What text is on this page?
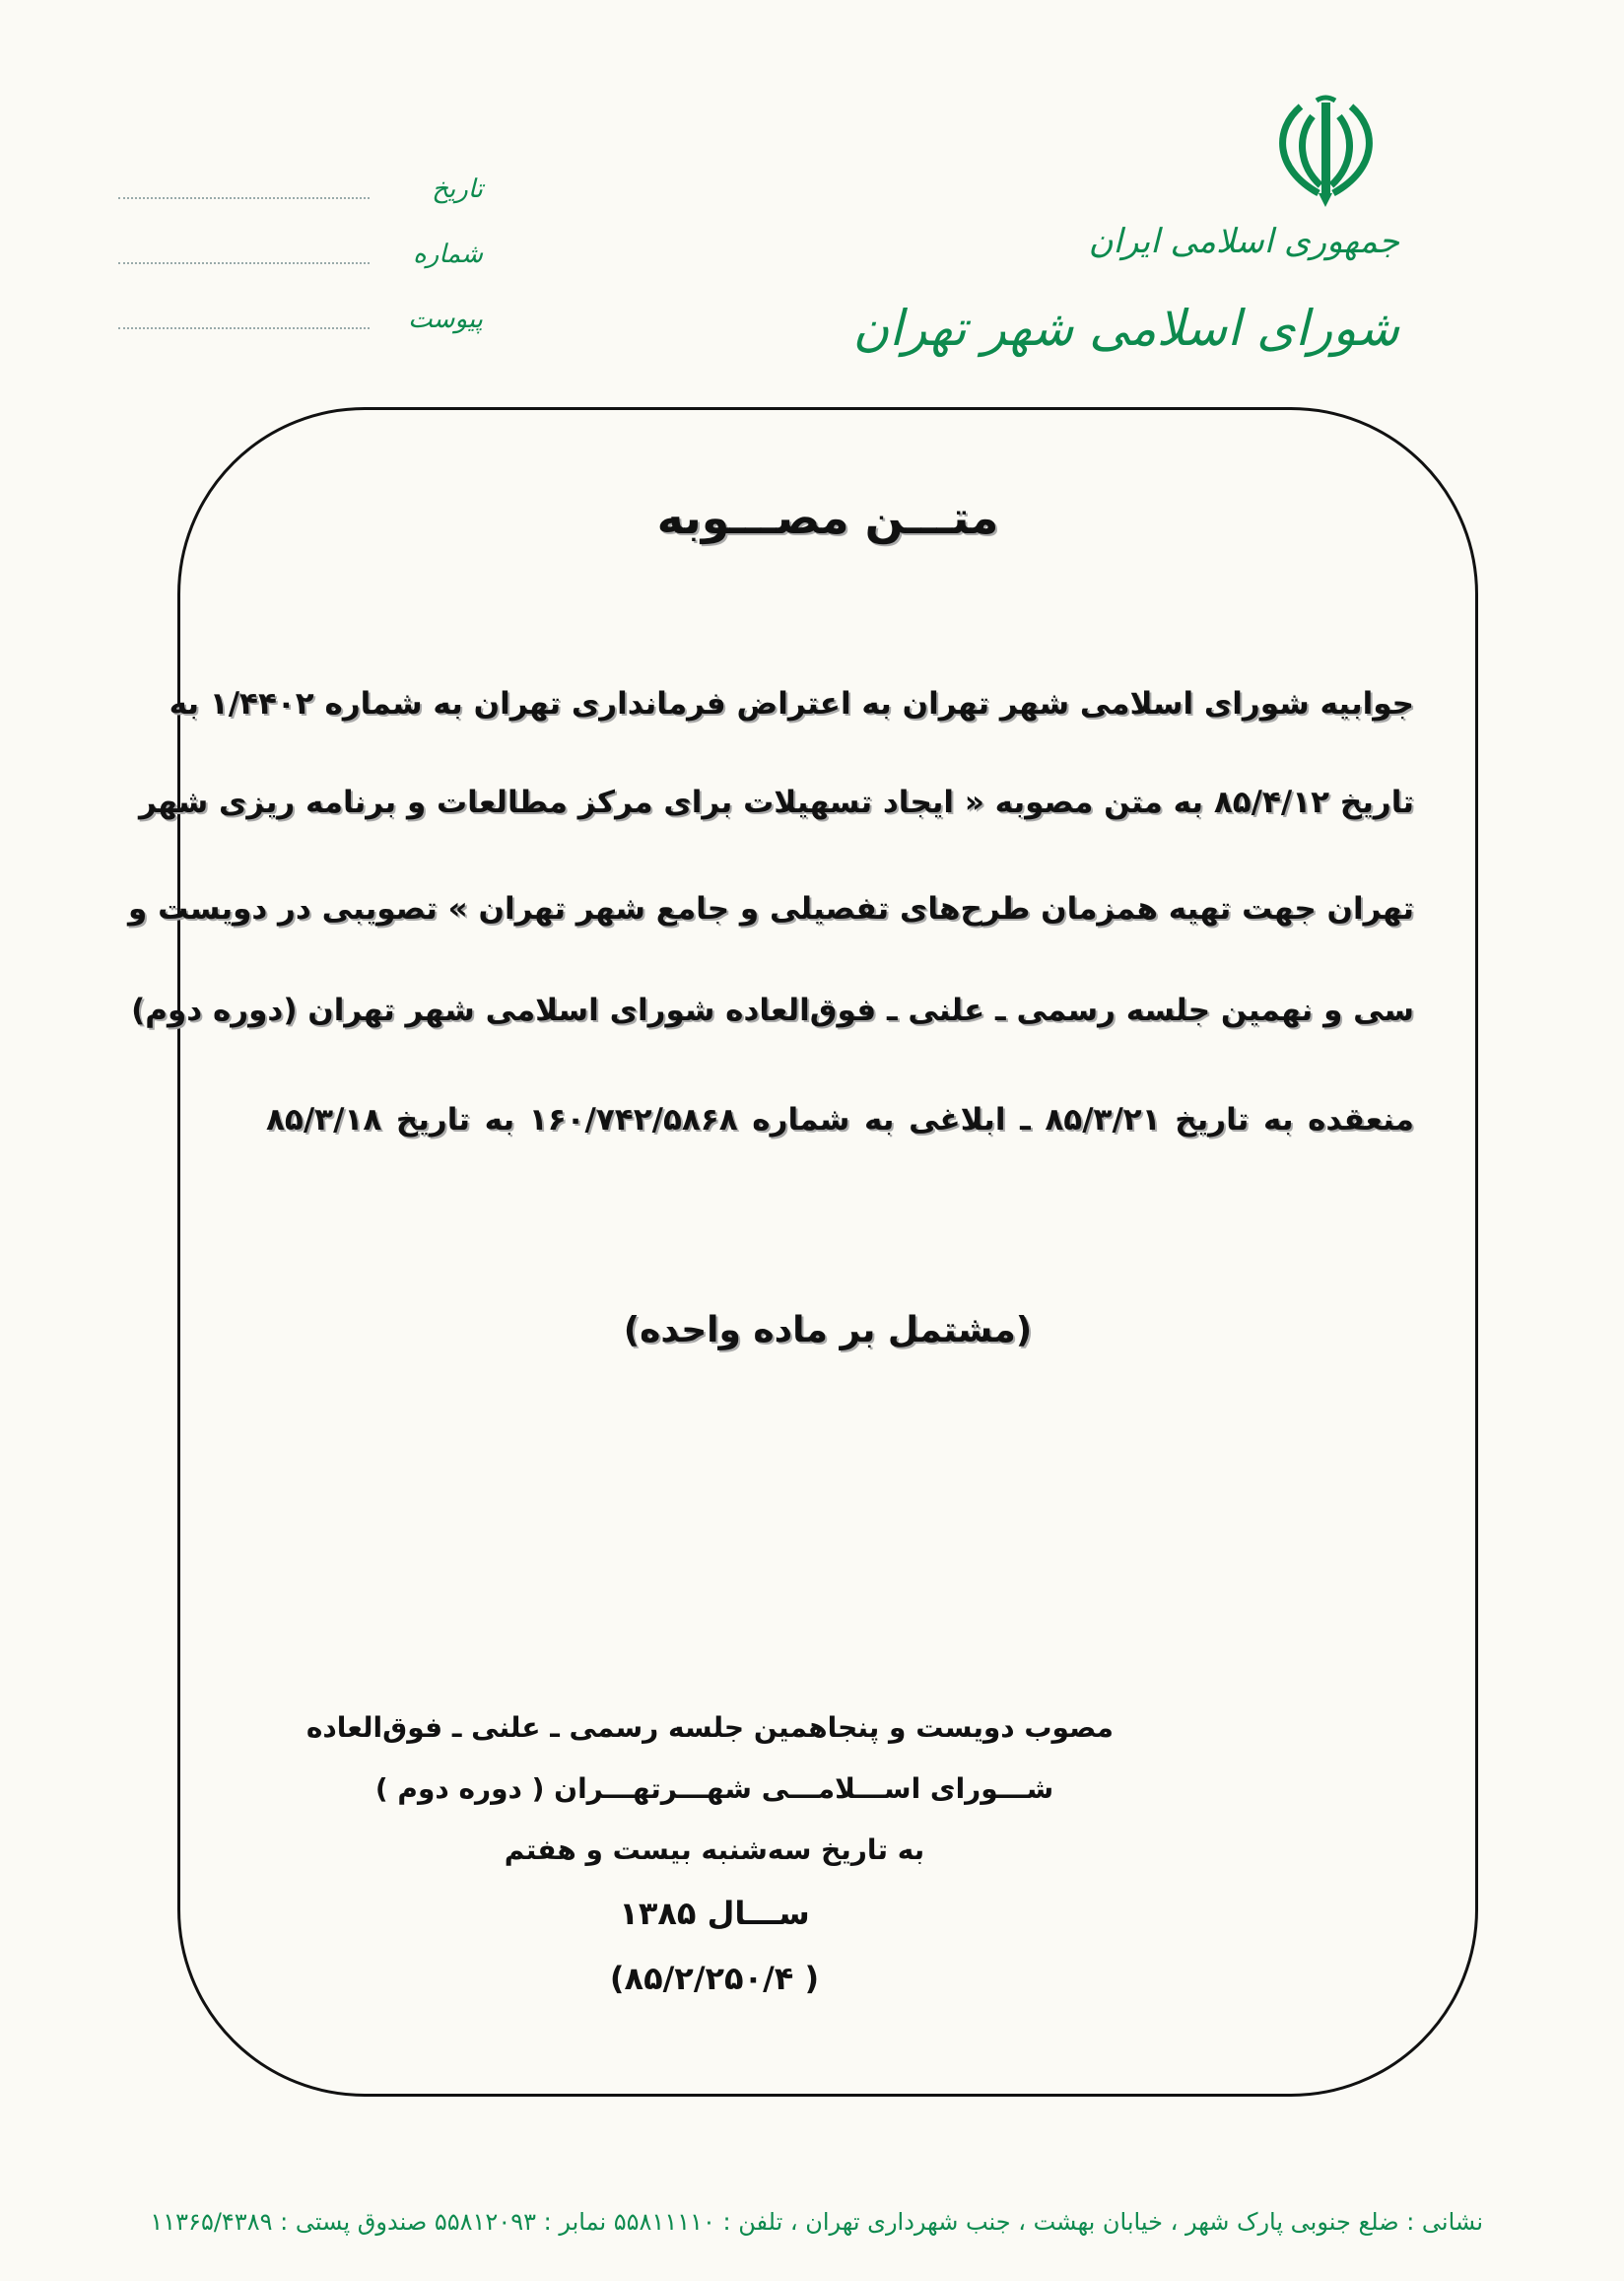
جمهوری اسلامی ایران
شورای اسلامی شهر تهران
تاریخ
شماره
پیوست
متـــن مصـــوبه
جوابیه شورای اسلامی شهر تهران به اعتراض فرمانداری تهران به شماره ۱/۴۴۰۲ به
تاریخ ۸۵/۴/۱۲ به متن مصوبه « ایجاد تسهیلات برای مرکز مطالعات و برنامه ریزی شهر
تهران جهت تهیه همزمان طرح‌های تفصیلی و جامع شهر تهران » تصویبی در دویست و
سی و نهمین جلسه رسمی ـ علنی ـ فوق‌العاده شورای اسلامی شهر تهران (دوره دوم)
منعقده به تاریخ ۸۵/۳/۲۱ ـ ابلاغی به شماره ۱۶۰/۷۴۲/۵۸۶۸ به تاریخ ۸۵/۳/۱۸
(مشتمل بر ماده واحده)
مصوب دویست و پنجاهمین جلسه رسمی ـ علنی ـ فوق‌العاده
شـــورای اســـلامـــی شهـــرتهـــران ( دوره دوم )
به تاریخ سه‌شنبه بیست و هفتم
ســـال ۱۳۸۵
( ۸۵/۲/۲۵۰/۴)
نشانی : ضلع جنوبی پارک شهر ، خیابان بهشت ، جنب شهرداری تهران ، تلفن : ۵۵۸۱۱۱۱۰ نمابر : ۵۵۸۱۲۰۹۳ صندوق پستی : ۱۱۳۶۵/۴۳۸۹
